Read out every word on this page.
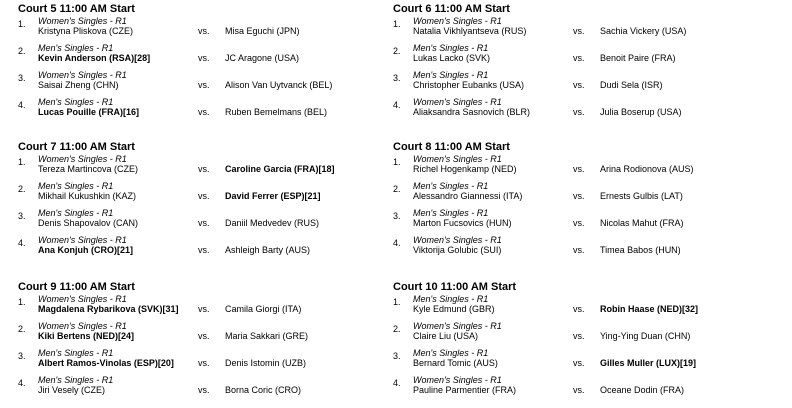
Court 5 11:00 AM Start
1. Women's Singles - R1
Kristyna Pliskova (CZE)	vs. Misa Eguchi (JPN)
2. Men's Singles - R1
Kevin Anderson (RSA)[28]	vs. JC Aragone (USA)
3. Women's Singles - R1
Saisai Zheng (CHN)	vs. Alison Van Uytvanck (BEL)
4. Men's Singles - R1
Lucas Pouille (FRA)[16]	vs. Ruben Bemelmans (BEL)
Court 6 11:00 AM Start
1. Women's Singles - R1
Natalia Vikhlyantseva (RUS)	vs. Sachia Vickery (USA)
2. Men's Singles - R1
Lukas Lacko (SVK)	vs. Benoit Paire (FRA)
3. Men's Singles - R1
Christopher Eubanks (USA)	vs. Dudi Sela (ISR)
4. Women's Singles - R1
Aliaksandra Sasnovich (BLR)	vs. Julia Boserup (USA)
Court 7 11:00 AM Start
1. Women's Singles - R1
Tereza Martincova (CZE)	vs. Caroline Garcia (FRA)[18]
2. Men's Singles - R1
Mikhail Kukushkin (KAZ)	vs. David Ferrer (ESP)[21]
3. Men's Singles - R1
Denis Shapovalov (CAN)	vs. Daniil Medvedev (RUS)
4. Women's Singles - R1
Ana Konjuh (CRO)[21]	vs. Ashleigh Barty (AUS)
Court 8 11:00 AM Start
1. Women's Singles - R1
Richel Hogenkamp (NED)	vs. Arina Rodionova (AUS)
2. Men's Singles - R1
Alessandro Giannessi (ITA)	vs. Ernests Gulbis (LAT)
3. Men's Singles - R1
Marton Fucsovics (HUN)	vs. Nicolas Mahut (FRA)
4. Women's Singles - R1
Viktorija Golubic (SUI)	vs. Timea Babos (HUN)
Court 9 11:00 AM Start
1. Women's Singles - R1
Magdalena Rybarikova (SVK)[31] vs. Camila Giorgi (ITA)
2. Women's Singles - R1
Kiki Bertens (NED)[24]	vs. Maria Sakkari (GRE)
3. Men's Singles - R1
Albert Ramos-Vinolas (ESP)[20]	vs. Denis Istomin (UZB)
4. Men's Singles - R1
Jiri Vesely (CZE)	vs. Borna Coric (CRO)
Court 10 11:00 AM Start
1. Men's Singles - R1
Kyle Edmund (GBR)	vs. Robin Haase (NED)[32]
2. Women's Singles - R1
Claire Liu (USA)	vs. Ying-Ying Duan (CHN)
3. Men's Singles - R1
Bernard Tomic (AUS)	vs. Gilles Muller (LUX)[19]
4. Women's Singles - R1
Pauline Parmentier (FRA)	vs. Oceane Dodin (FRA)
